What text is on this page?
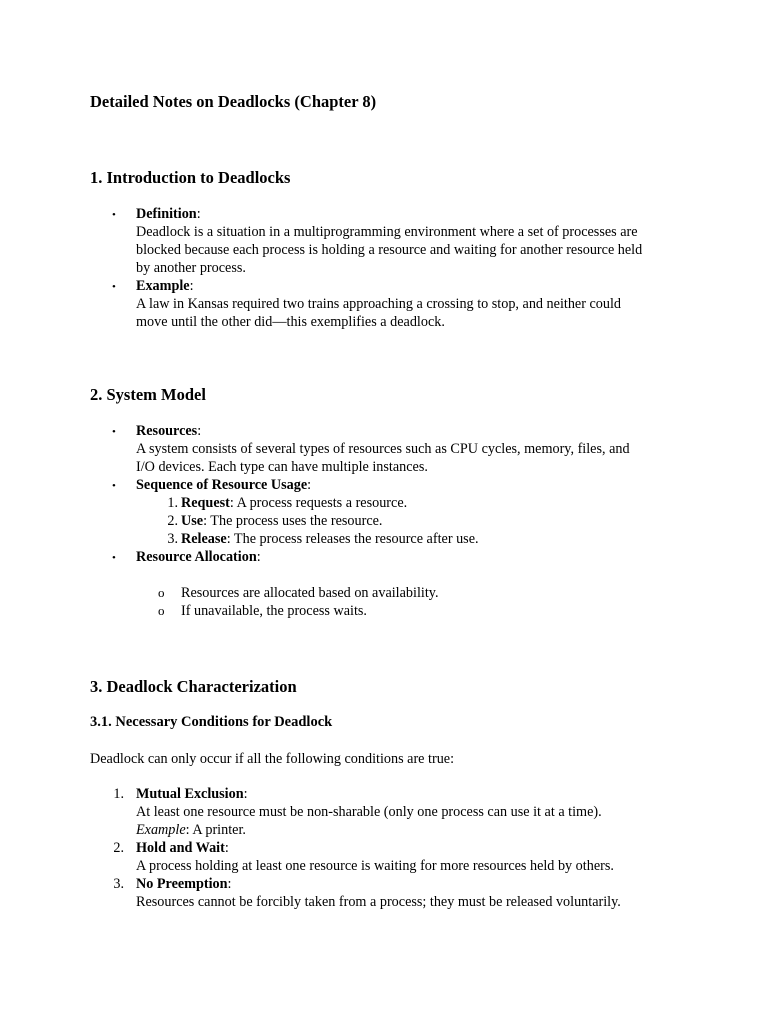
Detailed Notes on Deadlocks (Chapter 8)
1. Introduction to Deadlocks
• Definition:
Deadlock is a situation in a multiprogramming environment where a set of processes are
blocked because each process is holding a resource and waiting for another resource held
by another process.
• Example:
A law in Kansas required two trains approaching a crossing to stop, and neither could
move until the other did—this exemplifies a deadlock.
2. System Model
• Resources:
A system consists of several types of resources such as CPU cycles, memory, files, and
I/O devices. Each type can have multiple instances.
• Sequence of Resource Usage:
1. Request: A process requests a resource.
2. Use: The process uses the resource.
3. Release: The process releases the resource after use.
• Resource Allocation:
o Resources are allocated based on availability.
o If unavailable, the process waits.
3. Deadlock Characterization
3.1. Necessary Conditions for Deadlock
Deadlock can only occur if all the following conditions are true:
1. Mutual Exclusion:
At least one resource must be non-sharable (only one process can use it at a time).
Example: A printer.
2. Hold and Wait:
A process holding at least one resource is waiting for more resources held by others.
3. No Preemption:
Resources cannot be forcibly taken from a process; they must be released voluntarily.
